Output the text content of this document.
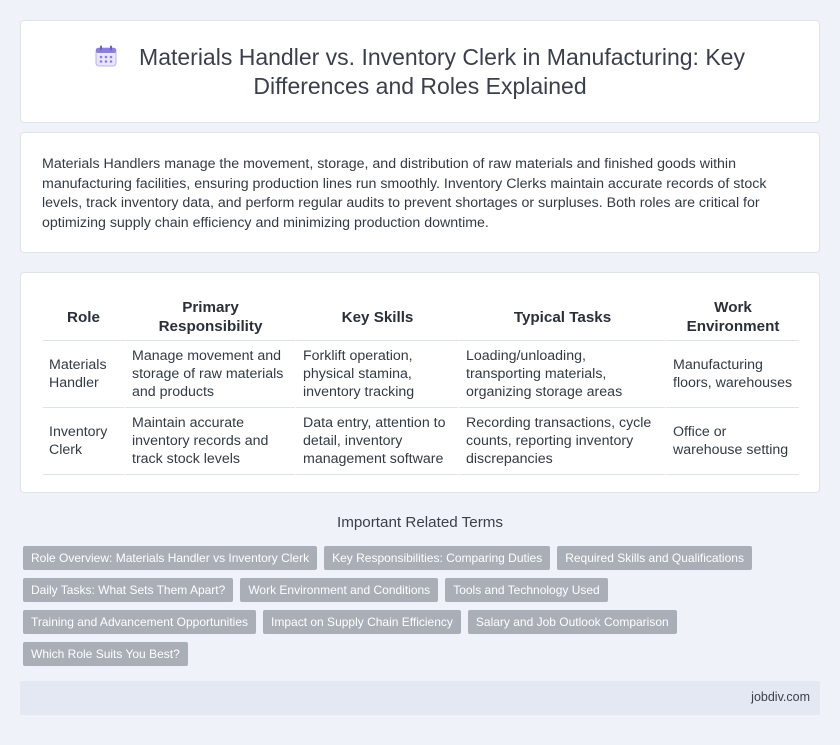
Materials Handler vs. Inventory Clerk in Manufacturing: Key Differences and Roles Explained

Materials Handlers manage the movement, storage, and distribution of raw materials and finished goods within manufacturing facilities, ensuring production lines run smoothly. Inventory Clerks maintain accurate records of stock levels, track inventory data, and perform regular audits to prevent shortages or surpluses. Both roles are critical for optimizing supply chain efficiency and minimizing production downtime.

Role	Primary Responsibility	Key Skills	Typical Tasks	Work Environment
Materials Handler	Manage movement and storage of raw materials and products	Forklift operation, physical stamina, inventory tracking	Loading/unloading, transporting materials, organizing storage areas	Manufacturing floors, warehouses
Inventory Clerk	Maintain accurate inventory records and track stock levels	Data entry, attention to detail, inventory management software	Recording transactions, cycle counts, reporting inventory discrepancies	Office or warehouse setting
Important Related Terms
Role Overview: Materials Handler vs Inventory Clerk	Key Responsibilities: Comparing Duties	Required Skills and Qualifications
Daily Tasks: What Sets Them Apart?	Work Environment and Conditions	Tools and Technology Used
Training and Advancement Opportunities	Impact on Supply Chain Efficiency	Salary and Job Outlook Comparison
Which Role Suits You Best?
jobdiv.com
